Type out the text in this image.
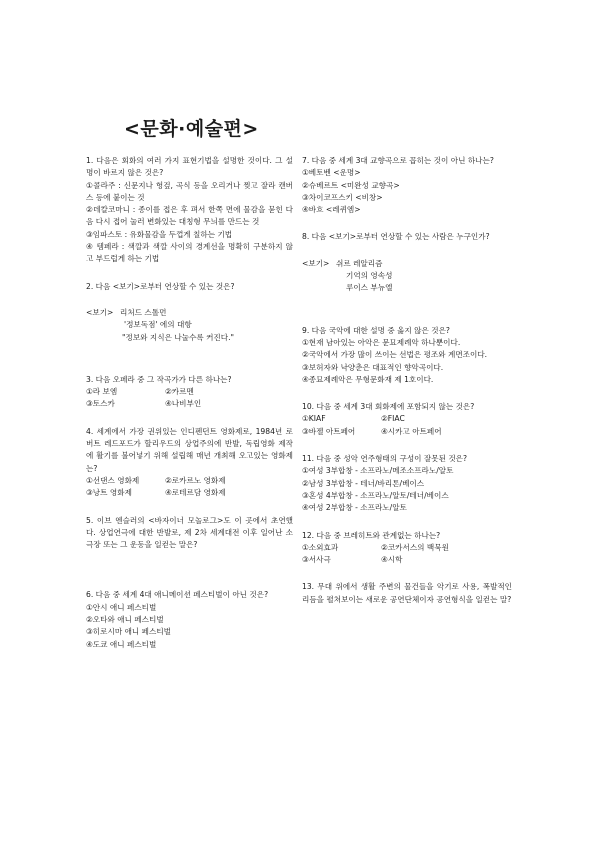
<문화·예술편>
1. 다음은 회화의 여러 가지 표현기법을 설명한 것이다. 그 설명이 바르지 않은 것은?
①콜라주 : 신문지나 헝겊, 곡식 등을 오리거나 찢고 잘라 캔버스 등에 붙이는 것
②데칼코마니 : 종이를 접은 후 펴서 한쪽 면에 물감을 묻힌 다음 다시 접어 눌러 변화있는 대칭형 무늬를 만드는 것
③임파스토 : 유화물감을 두껍게 칠하는 기법
④ 템페라 : 색깔과 색깔 사이의 경계선을 명확히 구분하지 않고 부드럽게 하는 기법
2. 다음 <보기>로부터 연상할 수 있는 것은?
<보기> 리처드 스톨먼
'정보독점' 에의 대항
"정보와 지식은 나눌수록 커진다."
3. 다음 오페라 중 그 작곡가가 다른 하나는?
①라 보엠	②카르멘
③토스카	④나비부인
4. 세계에서 가장 권위있는 인디펜던트 영화제로, 1984년 로버트 레드포드가 할리우드의 상업주의에 반발, 독립영화 제작에 활기를 불어넣기 위해 설립해 매년 개최해 오고있는 영화제는?
①선댄스 영화제	②로카르노 영화제
③낭트 영화제	④로테르담 영화제
5. 이브 엔슬러의 <바자이너 모놀로그>도 이 곳에서 초연했다. 상업연극에 대한 반발로, 제 2차 세계대전 이후 일어난 소극장 또는 그 운동을 일컫는 말은?
6. 다음 중 세계 4대 애니메이션 페스티벌이 아닌 것은?
①안시 애니 페스티벌
②오타와 애니 페스티벌
③히로시마 애니 페스티벌
④도쿄 애니 페스티벌
7. 다음 중 세계 3대 교향곡으로 꼽히는 것이 아닌 하나는?
①베토벤 <운명>
②슈베르트 <미완성 교향곡>
③차이코프스키 <비창>
④바흐 <레퀴엠>
8. 다음 <보기>로부터 연상할 수 있는 사람은 누구인가?
<보기> 쉬르 레알리즘
기억의 영속성
루이스 부뉴엘
9. 다음 국악에 대한 설명 중 옳지 않은 것은?
①현재 남아있는 아악은 문묘제례악 하나뿐이다.
②국악에서 가장 많이 쓰이는 선법은 평조와 계면조이다.
③보허자와 낙양춘은 대표적인 향악곡이다.
④종묘제례악은 무형문화재 제 1호이다.
10. 다음 중 세계 3대 회화제에 포함되지 않는 것은?
①KIAF	②FIAC
③바젤 아트페어	④시카고 아트페어
11. 다음 중 성악 연주형태의 구성이 잘못된 것은?
①여성 3부합창 - 소프라노/메조소프라노/알토
②남성 3부합창 - 테너/바리톤/베이스
③혼성 4부합창 - 소프라노/알토/테너/베이스
④여성 2부합창 - 소프라노/알토
12. 다음 중 브레히트와 관계없는 하나는?
①소외효과	②코카서스의 백묵원
③서사극	④시학
13. 무대 위에서 생활 주변의 물건들을 악기로 사용, 폭발적인 리듬을 펼쳐보이는 새로운 공연단체이자 공연형식을 일컫는 말?
